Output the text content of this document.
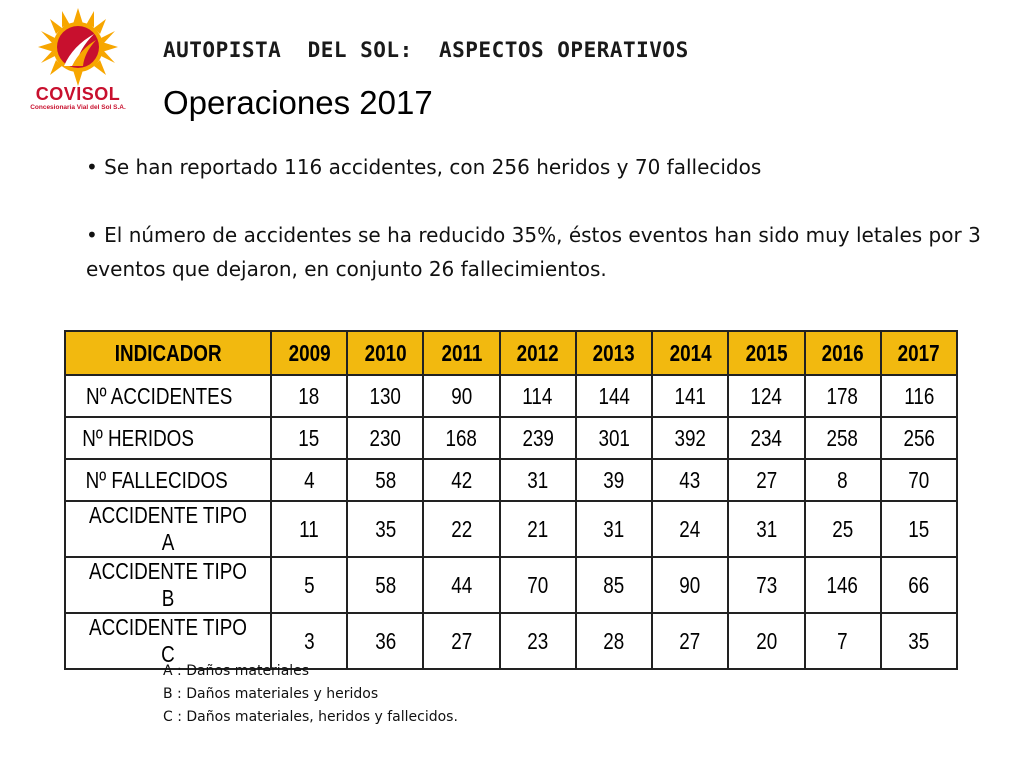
COVISOL
Concesionaria Vial del Sol S.A.
AUTOPISTA  DEL SOL:  ASPECTOS OPERATIVOS
Operaciones 2017
• Se han reportado 116 accidentes, con 256 heridos y 70 fallecidos
• El número de accidentes se ha reducido 35%, éstos eventos han sido muy letales por 3 eventos que dejaron, en conjunto 26 fallecimientos.
INDICADOR	2009	2010	2011	2012	2013	2014	2015	2016	2017
Nº ACCIDENTES	18	130	90	114	144	141	124	178	116
Nº HERIDOS	15	230	168	239	301	392	234	258	256
Nº FALLECIDOS	4	58	42	31	39	43	27	8	70
ACCIDENTE TIPO A	11	35	22	21	31	24	31	25	15
ACCIDENTE TIPO B	5	58	44	70	85	90	73	146	66
ACCIDENTE TIPO C	3	36	27	23	28	27	20	7	35
A : Daños materiales
B : Daños materiales y heridos
C : Daños materiales, heridos y fallecidos.
